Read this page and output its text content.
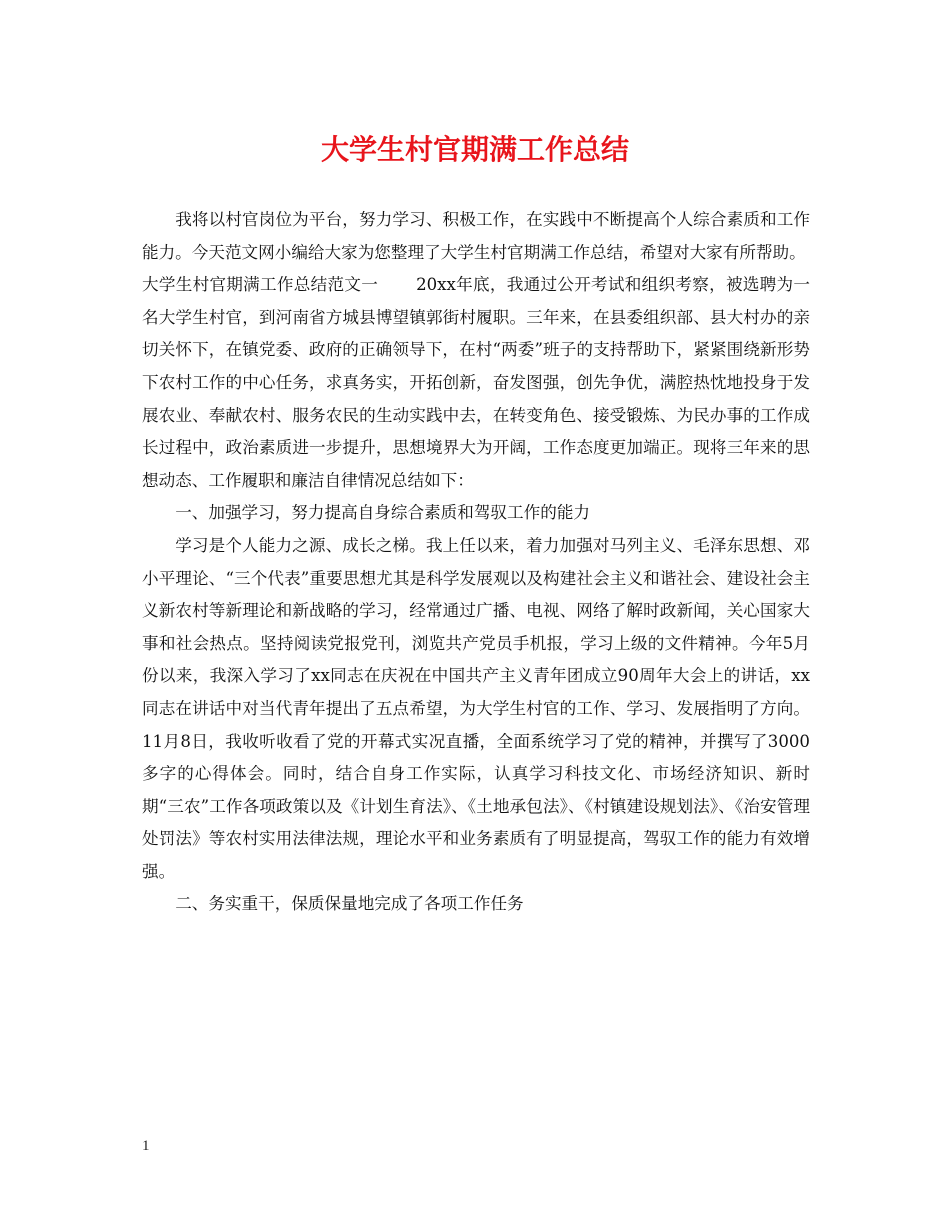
大学生村官期满工作总结

我将以村官岗位为平台，努力学习、积极工作，在实践中不断提高个人综合素质和工作能力。今天范文网小编给大家为您整理了大学生村官期满工作总结，希望对大家有所帮助。

大学生村官期满工作总结范文一 20xx年底，我通过公开考试和组织考察，被选聘为一名大学生村官，到河南省方城县博望镇郭街村履职。三年来，在县委组织部、县大村办的亲切关怀下，在镇党委、政府的正确领导下，在村“两委”班子的支持帮助下，紧紧围绕新形势下农村工作的中心任务，求真务实，开拓创新，奋发图强，创先争优，满腔热忱地投身于发展农业、奉献农村、服务农民的生动实践中去，在转变角色、接受锻炼、为民办事的工作成长过程中，政治素质进一步提升，思想境界大为开阔，工作态度更加端正。现将三年来的思想动态、工作履职和廉洁自律情况总结如下：

一、加强学习，努力提高自身综合素质和驾驭工作的能力

学习是个人能力之源、成长之梯。我上任以来，着力加强对马列主义、毛泽东思想、邓小平理论、“三个代表”重要思想尤其是科学发展观以及构建社会主义和谐社会、建设社会主义新农村等新理论和新战略的学习，经常通过广播、电视、网络了解时政新闻，关心国家大事和社会热点。坚持阅读党报党刊，浏览共产党员手机报，学习上级的文件精神。今年5月份以来，我深入学习了xx同志在庆祝在中国共产主义青年团成立90周年大会上的讲话，xx同志在讲话中对当代青年提出了五点希望，为大学生村官的工作、学习、发展指明了方向。11月8日，我收听收看了党的开幕式实况直播，全面系统学习了党的精神，并撰写了3000多字的心得体会。同时，结合自身工作实际，认真学习科技文化、市场经济知识、新时期“三农”工作各项政策以及《计划生育法》、《土地承包法》、《村镇建设规划法》、《治安管理处罚法》等农村实用法律法规，理论水平和业务素质有了明显提高，驾驭工作的能力有效增强。

二、务实重干，保质保量地完成了各项工作任务

1
